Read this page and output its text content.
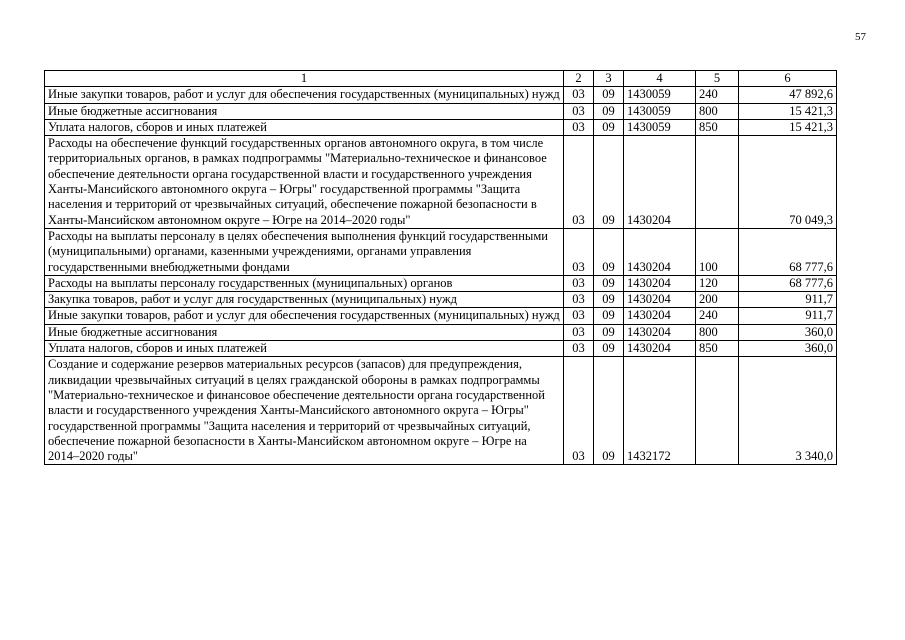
57
1	2	3	4	5	6
Иные закупки товаров, работ и услуг для обеспечения государственных (муниципальных) нужд	03	09	1430059	240	47 892,6
Иные бюджетные ассигнования	03	09	1430059	800	15 421,3
Уплата налогов, сборов и иных платежей	03	09	1430059	850	15 421,3
Расходы на обеспечение функций государственных органов автономного округа, в том числе территориальных органов, в рамках подпрограммы "Материально-техническое и финансовое обеспечение деятельности органа государственной власти и государственного учреждения Ханты-Мансийского автономного округа – Югры" государственной программы "Защита населения и территорий от чрезвычайных ситуаций, обеспечение пожарной безопасности в Ханты-Мансийском автономном округе – Югре на 2014–2020 годы"	03	09	1430204		70 049,3
Расходы на выплаты персоналу в целях обеспечения выполнения функций государственными (муниципальными) органами, казенными учреждениями, органами управления государственными внебюджетными фондами	03	09	1430204	100	68 777,6
Расходы на выплаты персоналу государственных (муниципальных) органов	03	09	1430204	120	68 777,6
Закупка товаров, работ и услуг для государственных (муниципальных) нужд	03	09	1430204	200	911,7
Иные закупки товаров, работ и услуг для обеспечения государственных (муниципальных) нужд	03	09	1430204	240	911,7
Иные бюджетные ассигнования	03	09	1430204	800	360,0
Уплата налогов, сборов и иных платежей	03	09	1430204	850	360,0
Создание и содержание резервов материальных ресурсов (запасов) для предупреждения, ликвидации чрезвычайных ситуаций в целях гражданской обороны в рамках подпрограммы "Материально-техническое и финансовое обеспечение деятельности органа государственной власти и государственного учреждения Ханты-Мансийского автономного округа – Югры" государственной программы "Защита населения и территорий от чрезвычайных ситуаций, обеспечение пожарной безопасности в Ханты-Мансийском автономном округе – Югре на 2014–2020 годы"	03	09	1432172		3 340,0
